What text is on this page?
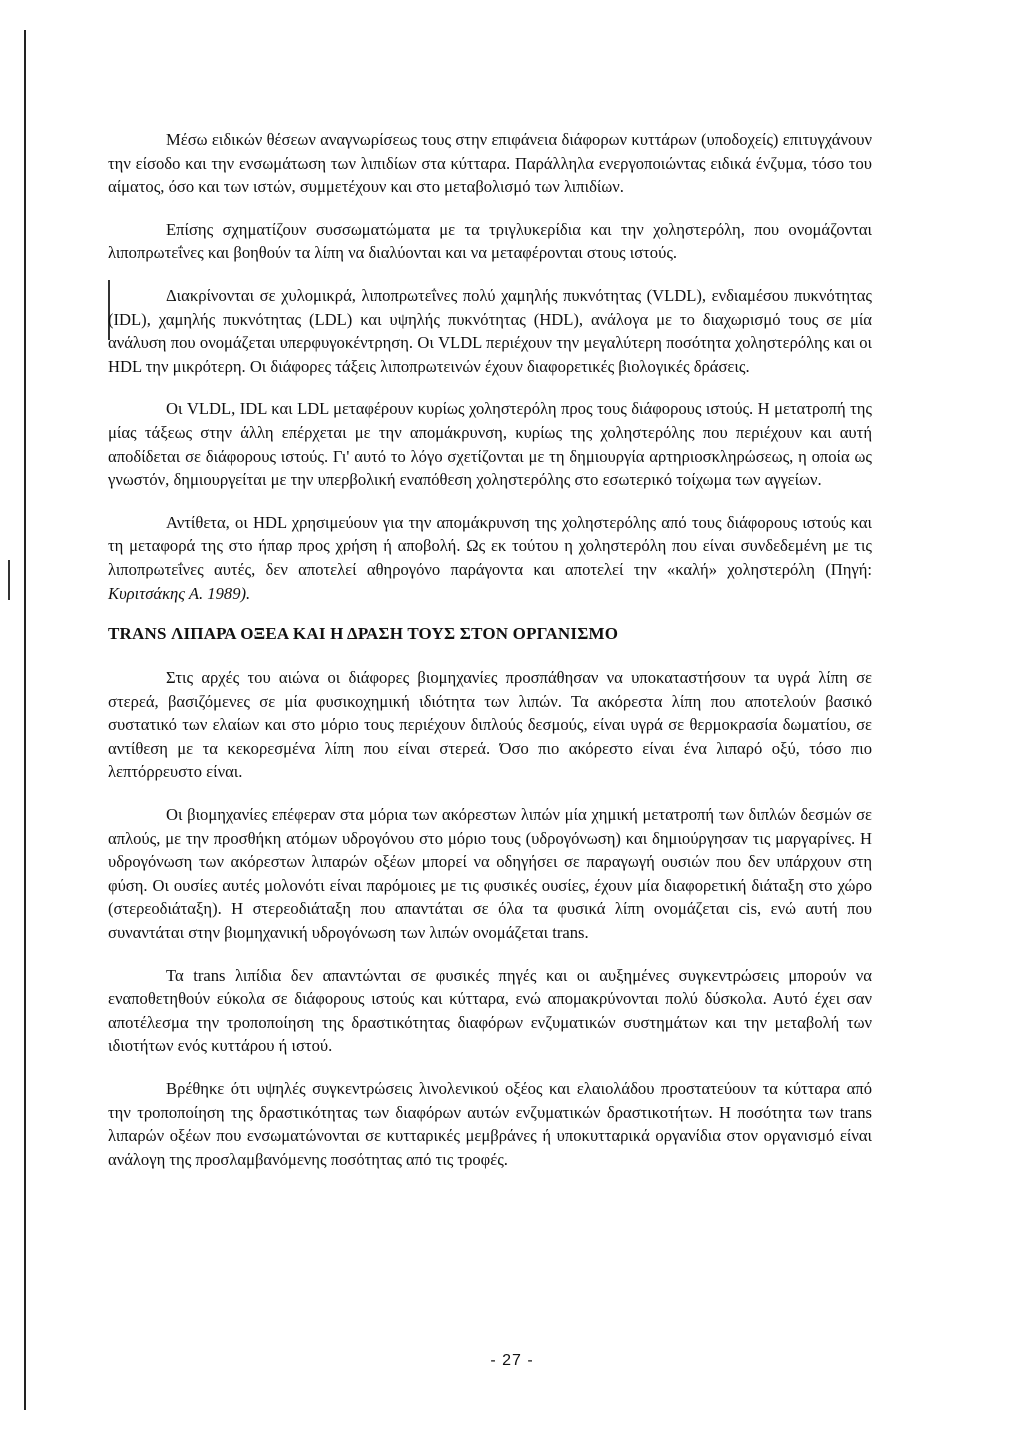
Μέσω ειδικών θέσεων αναγνωρίσεως τους στην επιφάνεια διάφορων κυττάρων (υποδοχείς) επιτυγχάνουν την είσοδο και την ενσωμάτωση των λιπιδίων στα κύτταρα. Παράλληλα ενεργοποιώντας ειδικά ένζυμα, τόσο του αίματος, όσο και των ιστών, συμμετέχουν και στο μεταβολισμό των λιπιδίων.

Επίσης σχηματίζουν συσσωματώματα με τα τριγλυκερίδια και την χοληστερόλη, που ονομάζονται λιποπρωτεΐνες και βοηθούν τα λίπη να διαλύονται και να μεταφέρονται στους ιστούς.

Διακρίνονται σε χυλομικρά, λιποπρωτεΐνες πολύ χαμηλής πυκνότητας (VLDL), ενδιαμέσου πυκνότητας (IDL), χαμηλής πυκνότητας (LDL) και υψηλής πυκνότητας (HDL), ανάλογα με το διαχωρισμό τους σε μία ανάλυση που ονομάζεται υπερφυγοκέντρηση. Οι VLDL περιέχουν την μεγαλύτερη ποσότητα χοληστερόλης και οι HDL την μικρότερη. Οι διάφορες τάξεις λιποπρωτεινών έχουν διαφορετικές βιολογικές δράσεις.

Οι VLDL, IDL και LDL μεταφέρουν κυρίως χοληστερόλη προς τους διάφορους ιστούς. Η μετατροπή της μίας τάξεως στην άλλη επέρχεται με την απομάκρυνση, κυρίως της χοληστερόλης που περιέχουν και αυτή αποδίδεται σε διάφορους ιστούς. Γι' αυτό το λόγο σχετίζονται με τη δημιουργία αρτηριοσκληρώσεως, η οποία ως γνωστόν, δημιουργείται με την υπερβολική εναπόθεση χοληστερόλης στο εσωτερικό τοίχωμα των αγγείων.

Αντίθετα, οι HDL χρησιμεύουν για την απομάκρυνση της χοληστερόλης από τους διάφορους ιστούς και τη μεταφορά της στο ήπαρ προς χρήση ή αποβολή. Ως εκ τούτου η χοληστερόλη που είναι συνδεδεμένη με τις λιποπρωτεΐνες αυτές, δεν αποτελεί αθηρογόνο παράγοντα και αποτελεί την «καλή» χοληστερόλη (Πηγή: Κυριτσάκης Α. 1989).

TRANS ΛΙΠΑΡΑ ΟΞΕΑ ΚΑΙ Η ΔΡΑΣΗ ΤΟΥΣ ΣΤΟΝ ΟΡΓΑΝΙΣΜΟ

Στις αρχές του αιώνα οι διάφορες βιομηχανίες προσπάθησαν να υποκαταστήσουν τα υγρά λίπη σε στερεά, βασιζόμενες σε μία φυσικοχημική ιδιότητα των λιπών. Τα ακόρεστα λίπη που αποτελούν βασικό συστατικό των ελαίων και στο μόριο τους περιέχουν διπλούς δεσμούς, είναι υγρά σε θερμοκρασία δωματίου, σε αντίθεση με τα κεκορεσμένα λίπη που είναι στερεά. Όσο πιο ακόρεστο είναι ένα λιπαρό οξύ, τόσο πιο λεπτόρρευστο είναι.

Οι βιομηχανίες επέφεραν στα μόρια των ακόρεστων λιπών μία χημική μετατροπή των διπλών δεσμών σε απλούς, με την προσθήκη ατόμων υδρογόνου στο μόριο τους (υδρογόνωση) και δημιούργησαν τις μαργαρίνες. Η υδρογόνωση των ακόρεστων λιπαρών οξέων μπορεί να οδηγήσει σε παραγωγή ουσιών που δεν υπάρχουν στη φύση. Οι ουσίες αυτές μολονότι είναι παρόμοιες με τις φυσικές ουσίες, έχουν μία διαφορετική διάταξη στο χώρο (στερεοδιάταξη). Η στερεοδιάταξη που απαντάται σε όλα τα φυσικά λίπη ονομάζεται cis, ενώ αυτή που συναντάται στην βιομηχανική υδρογόνωση των λιπών ονομάζεται trans.

Τα trans λιπίδια δεν απαντώνται σε φυσικές πηγές και οι αυξημένες συγκεντρώσεις μπορούν να εναποθετηθούν εύκολα σε διάφορους ιστούς και κύτταρα, ενώ απομακρύνονται πολύ δύσκολα. Αυτό έχει σαν αποτέλεσμα την τροποποίηση της δραστικότητας διαφόρων ενζυματικών συστημάτων και την μεταβολή των ιδιοτήτων ενός κυττάρου ή ιστού.

Βρέθηκε ότι υψηλές συγκεντρώσεις λινολενικού οξέος και ελαιολάδου προστατεύουν τα κύτταρα από την τροποποίηση της δραστικότητας των διαφόρων αυτών ενζυματικών δραστικοτήτων. Η ποσότητα των trans λιπαρών οξέων που ενσωματώνονται σε κυτταρικές μεμβράνες ή υποκυτταρικά οργανίδια στον οργανισμό είναι ανάλογη της προσλαμβανόμενης ποσότητας από τις τροφές.

- 27 -
